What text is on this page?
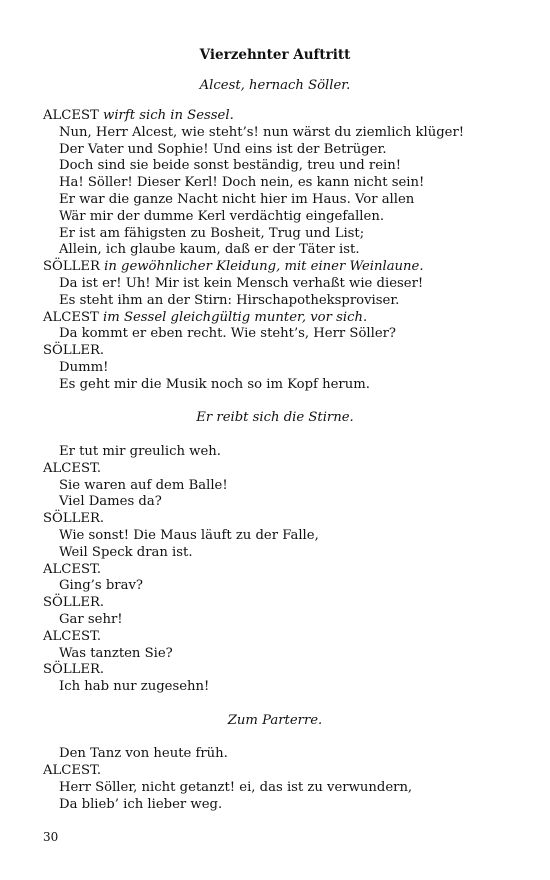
Vierzehnter Auftritt
Alcest, hernach Söller.
ALCEST wirft sich in Sessel.
Nun, Herr Alcest, wie steht’s! nun wärst du ziemlich klüger!
Der Vater und Sophie! Und eins ist der Betrüger.
Doch sind sie beide sonst beständig, treu und rein!
Ha! Söller! Dieser Kerl! Doch nein, es kann nicht sein!
Er war die ganze Nacht nicht hier im Haus. Vor allen
Wär mir der dumme Kerl verdächtig eingefallen.
Er ist am fähigsten zu Bosheit, Trug und List;
Allein, ich glaube kaum, daß er der Täter ist.
SÖLLER in gewöhnlicher Kleidung, mit einer Weinlaune.
Da ist er! Uh! Mir ist kein Mensch verhaßt wie dieser!
Es steht ihm an der Stirn: Hirschapotheksproviser.
ALCEST im Sessel gleichgültig munter, vor sich.
Da kommt er eben recht. Wie steht’s, Herr Söller?
SÖLLER.
Dumm!
Es geht mir die Musik noch so im Kopf herum.
Er reibt sich die Stirne.
Er tut mir greulich weh.
ALCEST.
Sie waren auf dem Balle!
Viel Dames da?
SÖLLER.
Wie sonst! Die Maus läuft zu der Falle,
Weil Speck dran ist.
ALCEST.
Ging’s brav?
SÖLLER.
Gar sehr!
ALCEST.
Was tanzten Sie?
SÖLLER.
Ich hab nur zugesehn!
Zum Parterre.
Den Tanz von heute früh.
ALCEST.
Herr Söller, nicht getanzt! ei, das ist zu verwundern,
Da blieb’ ich lieber weg.
30
